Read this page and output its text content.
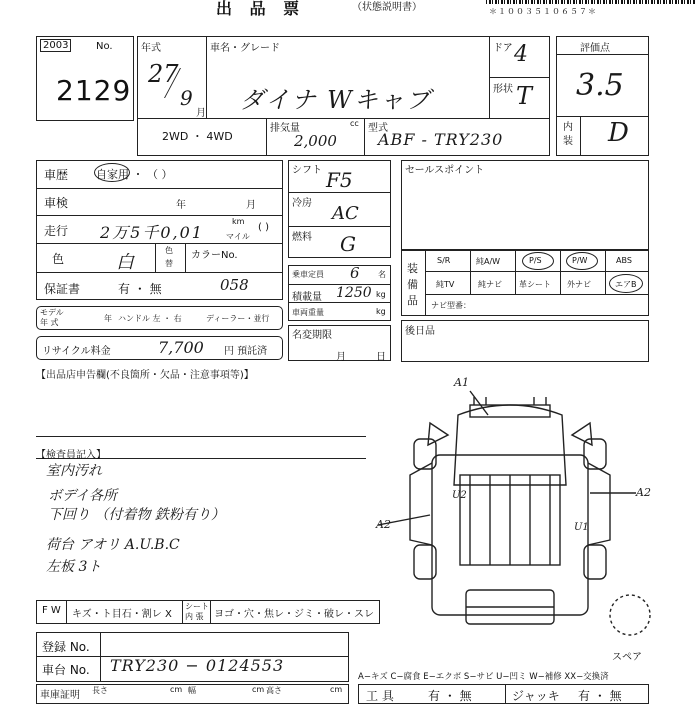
出 品 票	（状態説明書）	＊１００３５１０６５７＊
2003	No.
2129
年式
27
9
月
車名・グレード
ダイナ Wキャブ
ドア 4
形状 T
2WD ・ 4WD
排気量	cc
2,000
型式
ABF - TRY230
評価点
3.5
内
装 D
車歴	自家用 ・ （ ）
車検	年	月
走行 2万5千0,01
km
マイル
( )
色	白
色
替
カラーNo.
保証書	有 ・ 無	058
モデル
年 式	年 ハンドル 左 ・ 右	ディーラー・並行
リサイクル料金	7,700 円 預託済
シフト F5
冷房 AC
燃料 G
乗車定員 6 名
積載量 1250 kg
車両重量	kg
名変期限
月	日
セールスポイント
装
備
品
S/R	純A/W	P/S	P/W	ABS
純TV	純ナビ 革シート 外ナビ	エアB
ナビ型番：
後日品
【出品店申告欄(不良箇所・欠品・注意事項等)】
【検査員記入】
室内汚れ
ボデイ各所
下回り （付着物 鉄粉有り）
荷台 アオリ A.U.B.C
左板 3ト
A1
A2
A2
U2
U1
スペア
F W キズ・ト目石・割レ X
シート
内 張 ヨゴ・穴・焦レ・ジミ・破レ・スレ
登録 No.
車台 No. TRY230 − 0124553
車庫証明 長さ	cm 幅	cm 高さ	cm
A−キズ C−腐食 E−エクボ S−サビ U−凹ミ W−補修 XX−交換済
工 具	有 ・ 無	ジャッキ 有 ・ 無
